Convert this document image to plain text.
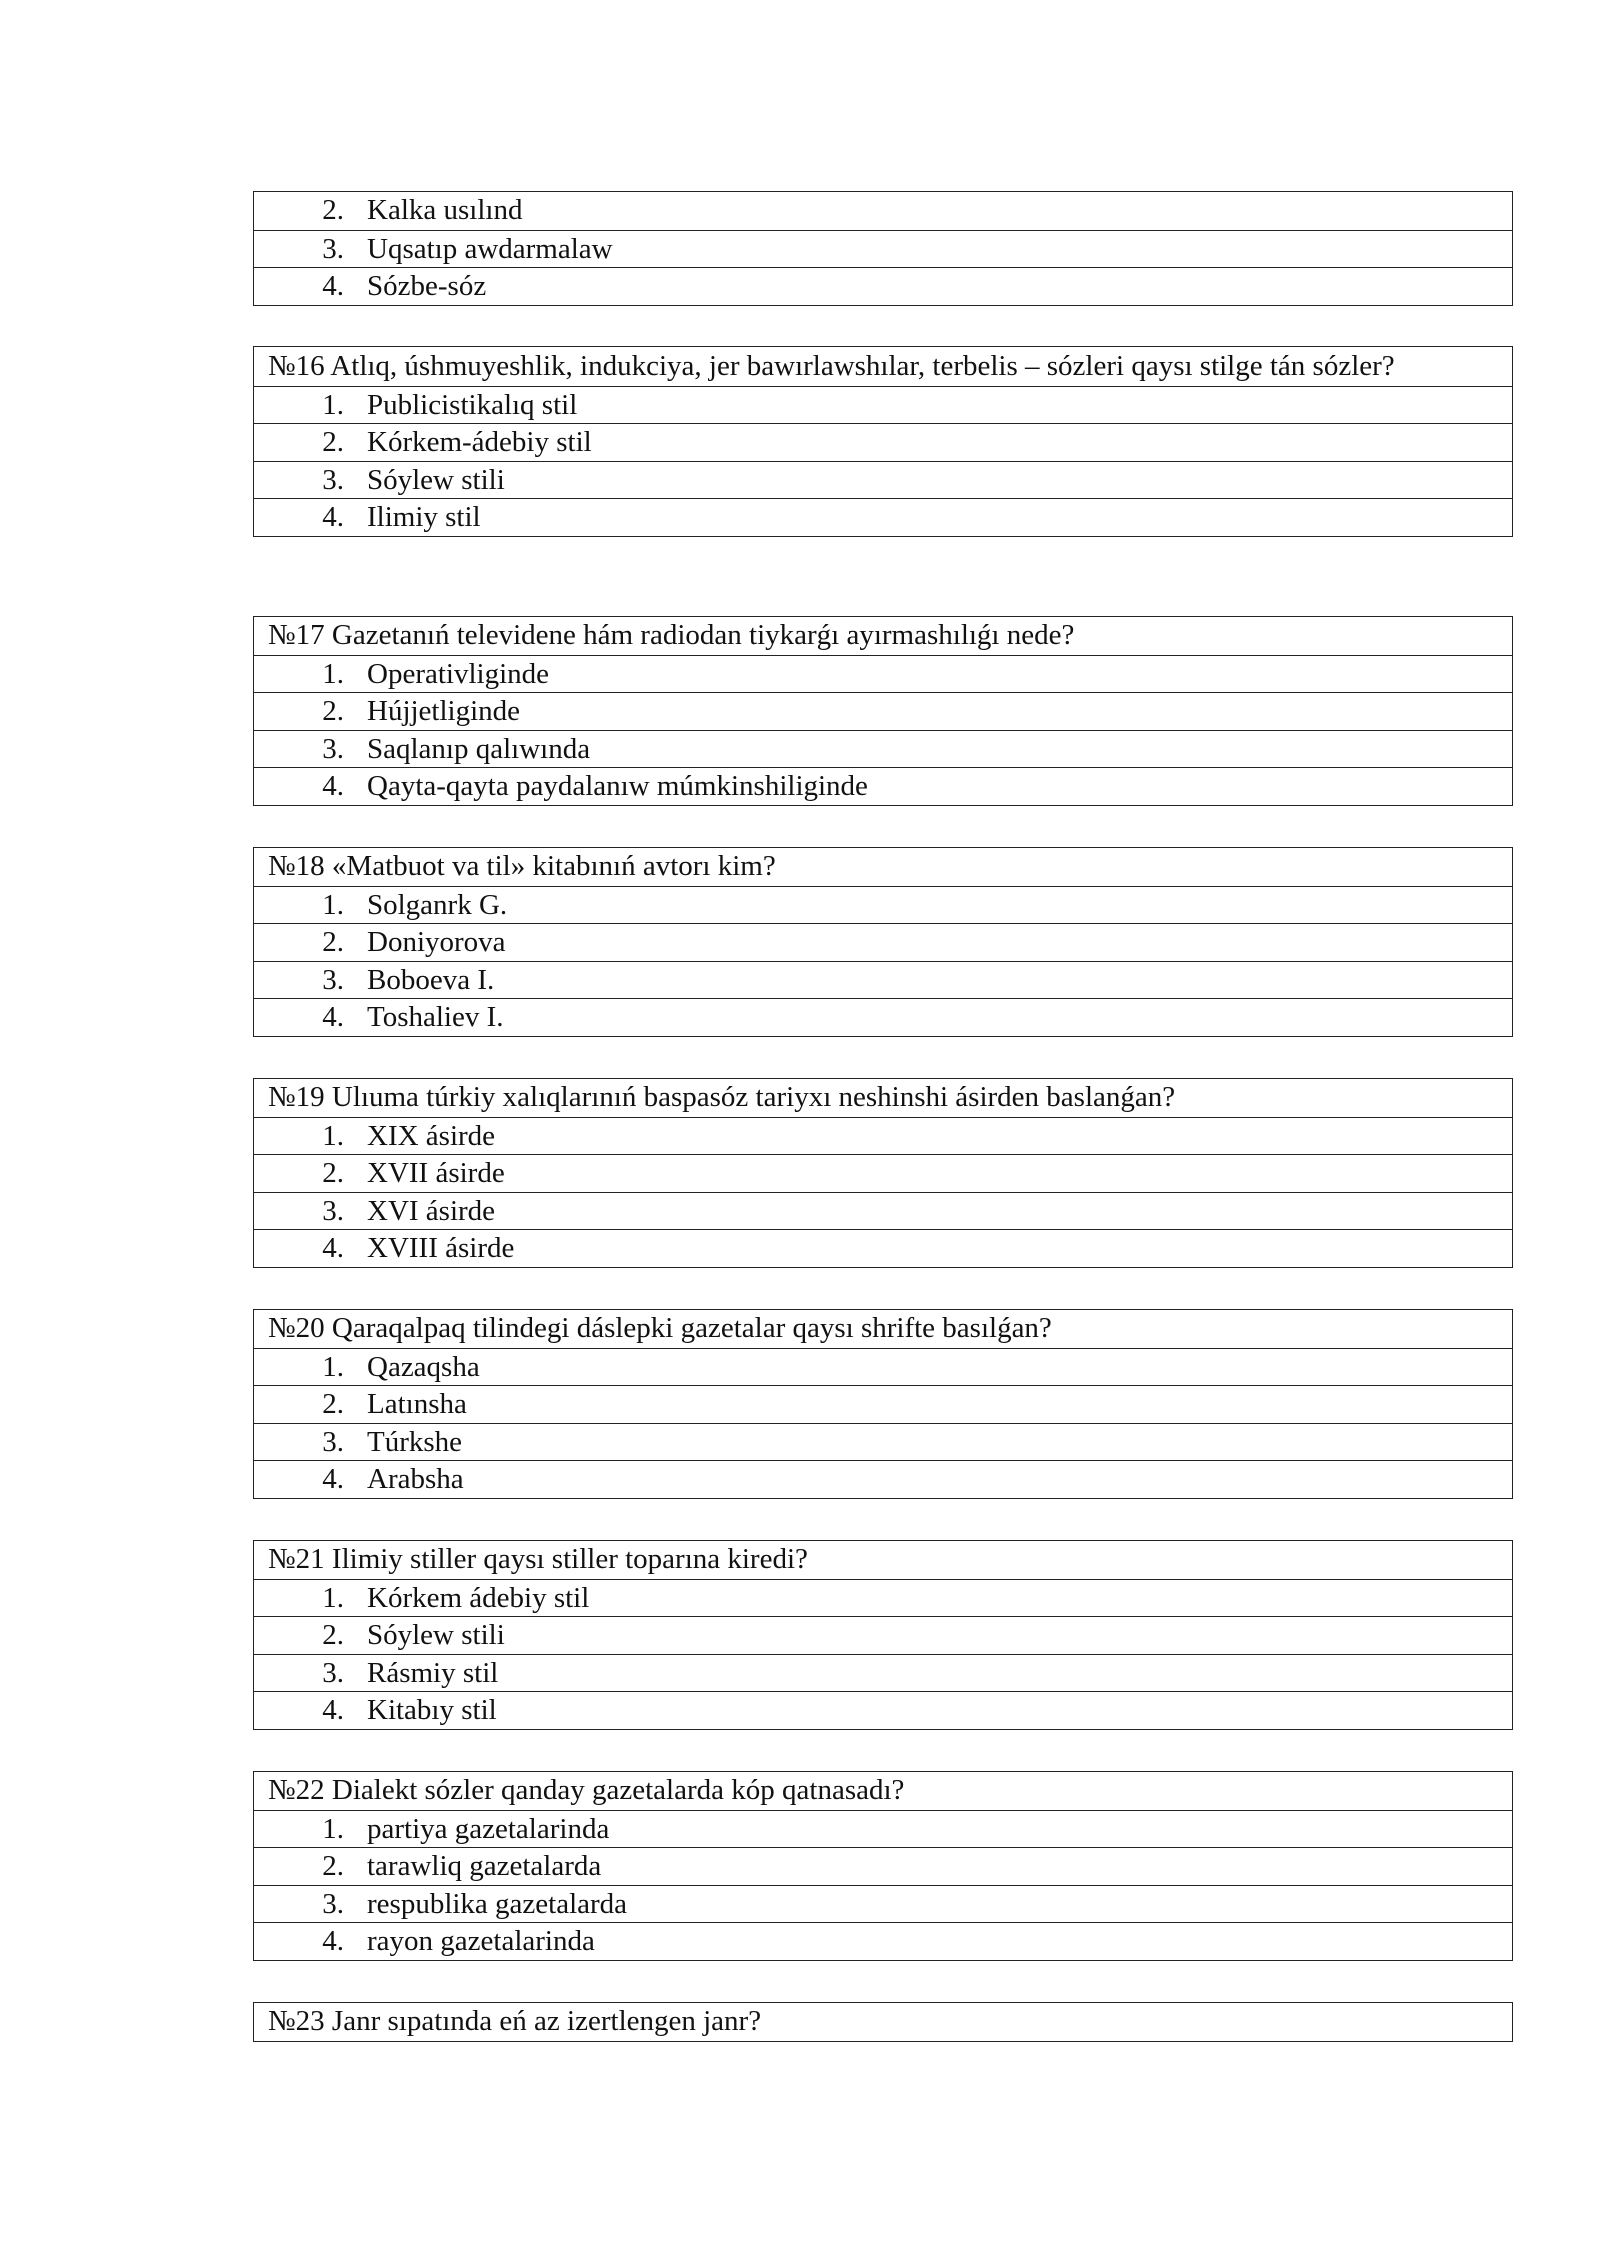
2. Kalka usılınd
3. Uqsatıp awdarmalaw
4. Sózbe-sóz
№16 Atlıq, úshmuyeshlik, indukciya, jer bawırlawshılar, terbelis – sózleri qaysı stilge tán sózler?
1. Publicistikalıq stil
2. Kórkem-ádebiy stil
3. Sóylew stili
4. Ilimiy stil
№17 Gazetanıń televidene hám radiodan tiykarǵı ayırmashılıǵı nede?
1. Operativliginde
2. Hújjetliginde
3. Saqlanıp qalıwında
4. Qayta-qayta paydalanıw múmkinshiliginde
№18 «Matbuot va til» kitabınıń avtorı kim?
1. Solganrk G.
2. Doniyorova
3. Boboeva I.
4. Toshaliev I.
№19 Ulıuma túrkiy xalıqlarınıń baspasóz tariyxı neshinshi ásirden baslanǵan?
1. XIX ásirde
2. XVII ásirde
3. XVI ásirde
4. XVIII ásirde
№20 Qaraqalpaq tilindegi dáslepki gazetalar qaysı shrifte basılǵan?
1. Qazaqsha
2. Latınsha
3. Túrkshe
4. Arabsha
№21 Ilimiy stiller qaysı stiller toparına kiredi?
1. Kórkem ádebiy stil
2. Sóylew stili
3. Rásmiy stil
4. Kitabıy stil
№22 Dialekt sózler qanday gazetalarda kóp qatnasadı?
1. partiya gazetalarinda
2. tarawliq gazetalarda
3. respublika gazetalarda
4. rayon gazetalarinda
№23 Janr sıpatında eń az izertlengen janr?
